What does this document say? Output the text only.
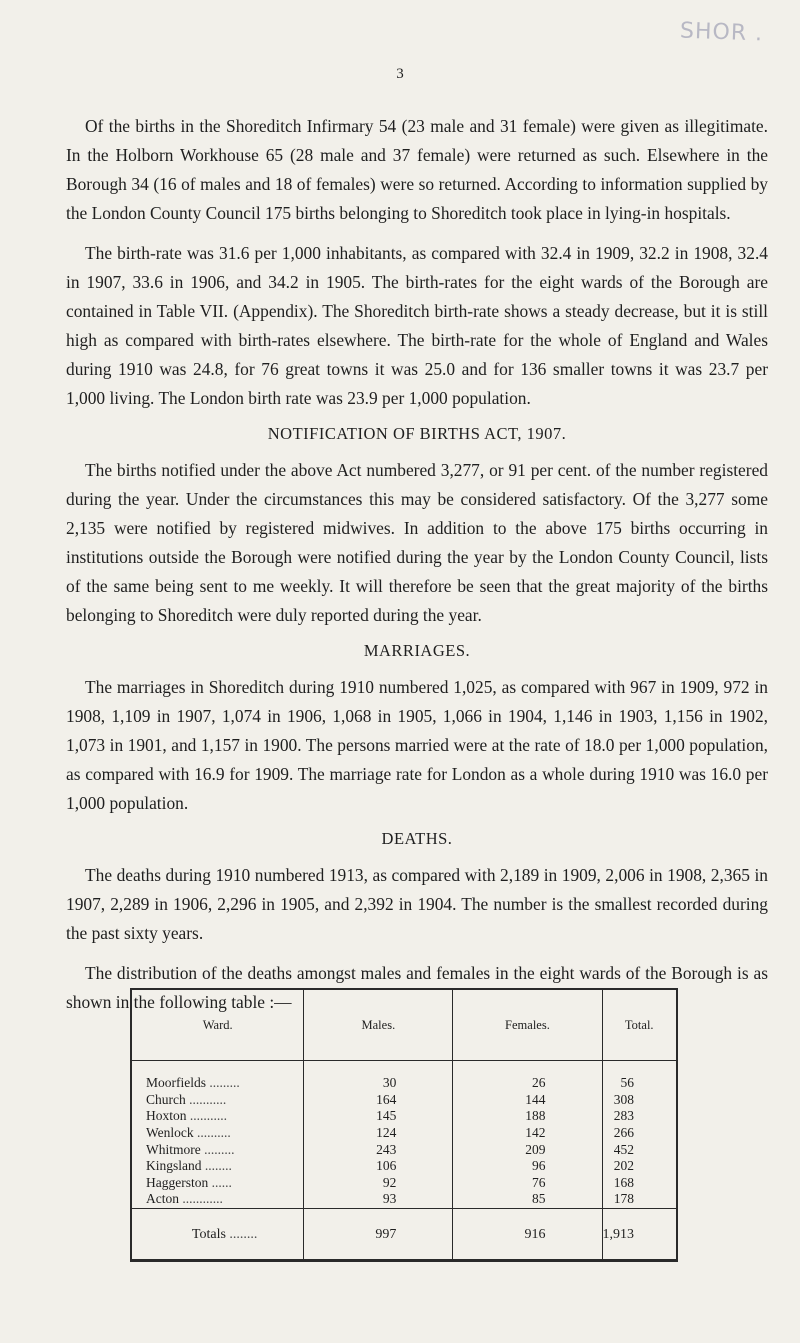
SHOR .
3

Of the births in the Shoreditch Infirmary 54 (23 male and 31 female) were given as illegitimate. In the Holborn Workhouse 65 (28 male and 37 female) were returned as such. Elsewhere in the Borough 34 (16 of males and 18 of females) were so returned. According to information supplied by the London County Council 175 births belonging to Shoreditch took place in lying-in hospitals.

The birth-rate was 31.6 per 1,000 inhabitants, as compared with 32.4 in 1909, 32.2 in 1908, 32.4 in 1907, 33.6 in 1906, and 34.2 in 1905. The birth-rates for the eight wards of the Borough are contained in Table VII. (Appendix). The Shoreditch birth-rate shows a steady decrease, but it is still high as compared with birth-rates elsewhere. The birth-rate for the whole of England and Wales during 1910 was 24.8, for 76 great towns it was 25.0 and for 136 smaller towns it was 23.7 per 1,000 living. The London birth rate was 23.9 per 1,000 population.

NOTIFICATION OF BIRTHS ACT, 1907.

The births notified under the above Act numbered 3,277, or 91 per cent. of the number registered during the year. Under the circumstances this may be considered satisfactory. Of the 3,277 some 2,135 were notified by registered midwives. In addition to the above 175 births occurring in institutions outside the Borough were notified during the year by the London County Council, lists of the same being sent to me weekly. It will therefore be seen that the great majority of the births belonging to Shoreditch were duly reported during the year.

MARRIAGES.

The marriages in Shoreditch during 1910 numbered 1,025, as compared with 967 in 1909, 972 in 1908, 1,109 in 1907, 1,074 in 1906, 1,068 in 1905, 1,066 in 1904, 1,146 in 1903, 1,156 in 1902, 1,073 in 1901, and 1,157 in 1900. The persons married were at the rate of 18.0 per 1,000 population, as compared with 16.9 for 1909. The marriage rate for London as a whole during 1910 was 16.0 per 1,000 population.

DEATHS.

The deaths during 1910 numbered 1913, as compared with 2,189 in 1909, 2,006 in 1908, 2,365 in 1907, 2,289 in 1906, 2,296 in 1905, and 2,392 in 1904. The number is the smallest recorded during the past sixty years.

The distribution of the deaths amongst males and females in the eight wards of the Borough is as shown in the following table :—

Ward.	Males.	Females.	Total.

Moorfields .........	30	26	56
Church ...........	164	144	308
Hoxton ...........	145	188	283
Wenlock ..........	124	142	266
Whitmore .........	243	209	452
Kingsland ........	106	96	202
Haggerston ......	92	76	168
Acton ............	93	85	178

Totals ........	997	916	1,913
